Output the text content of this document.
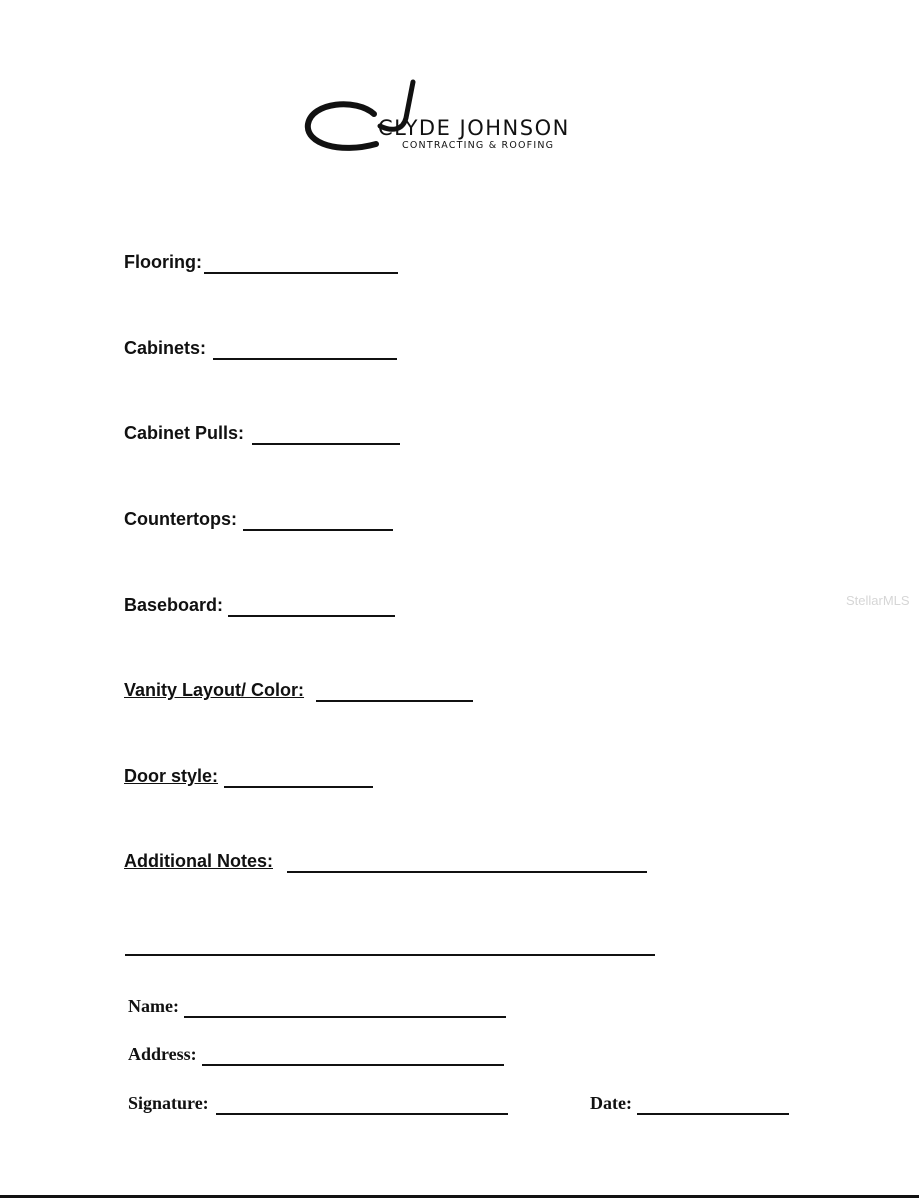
CLYDE JOHNSON
CONTRACTING & ROOFING
Flooring:
Cabinets:
Cabinet Pulls:
Countertops:
Baseboard:
Vanity Layout/ Color:
Door style:
Additional Notes:
Name:
Address:
Signature:	Date:
StellarMLS
